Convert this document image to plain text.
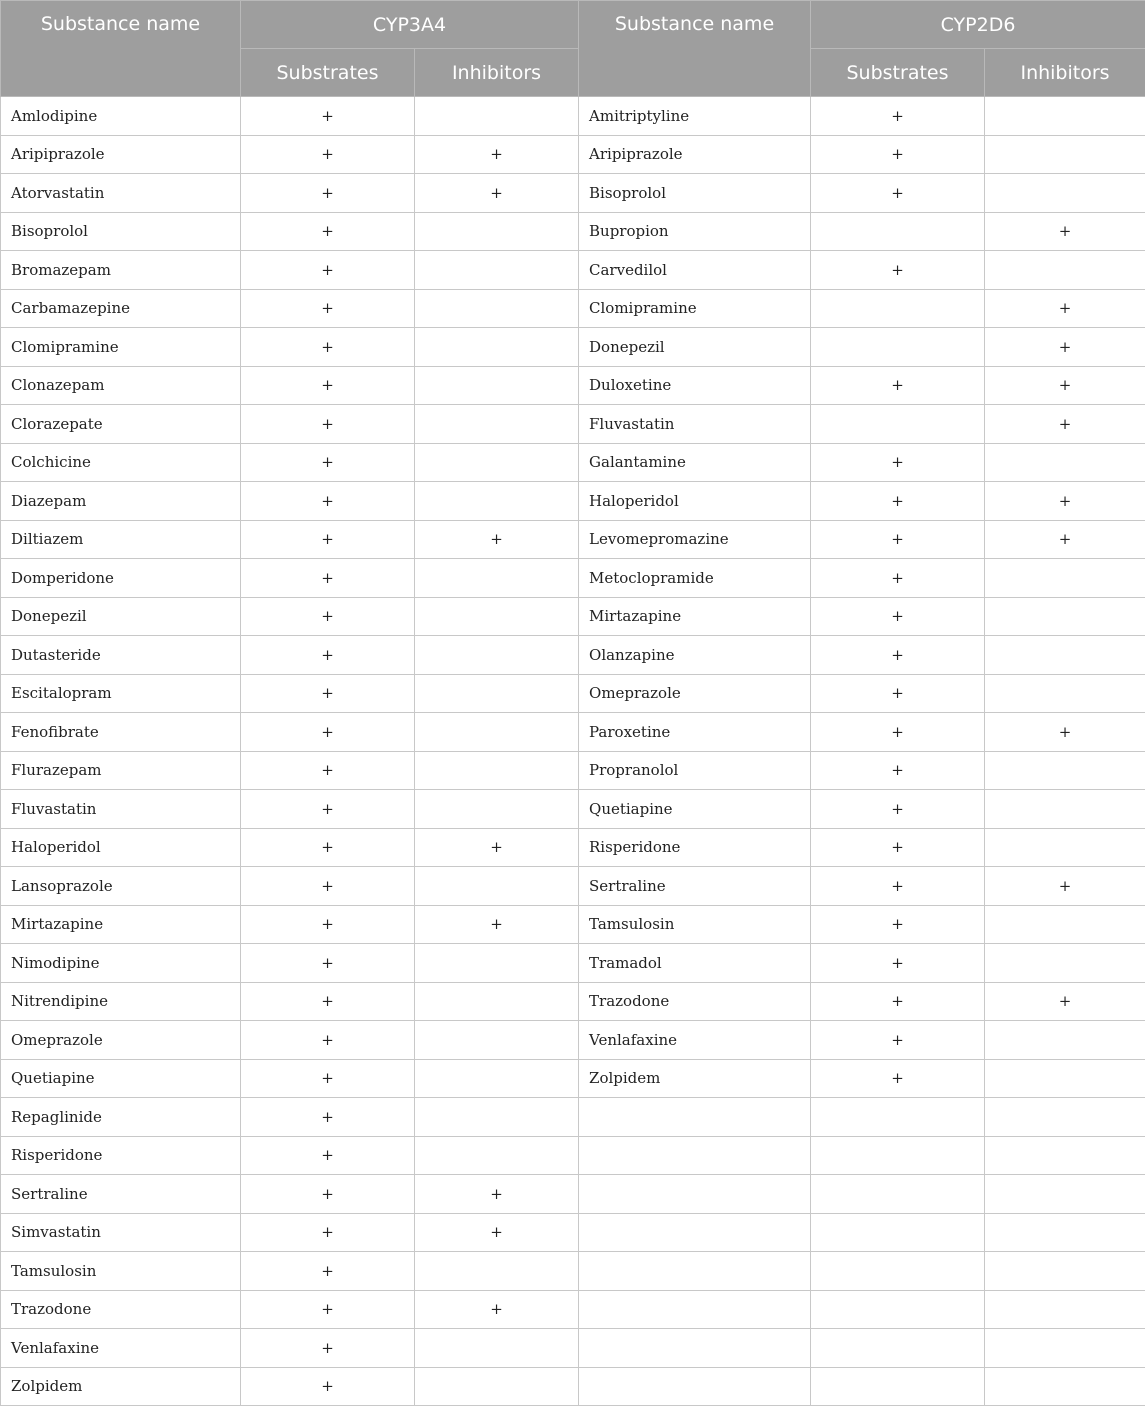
Substance name	CYP3A4		Substance name	CYP2D6	
	Substrates	Inhibitors		Substrates	Inhibitors
Amlodipine	+		Amitriptyline	+	
Aripiprazole	+	+	Aripiprazole	+	
Atorvastatin	+	+	Bisoprolol	+	
Bisoprolol	+		Bupropion		+
Bromazepam	+		Carvedilol	+	
Carbamazepine	+		Clomipramine		+
Clomipramine	+		Donepezil		+
Clonazepam	+		Duloxetine	+	+
Clorazepate	+		Fluvastatin		+
Colchicine	+		Galantamine	+	
Diazepam	+		Haloperidol	+	+
Diltiazem	+	+	Levomepromazine	+	+
Domperidone	+		Metoclopramide	+	
Donepezil	+		Mirtazapine	+	
Dutasteride	+		Olanzapine	+	
Escitalopram	+		Omeprazole	+	
Fenofibrate	+		Paroxetine	+	+
Flurazepam	+		Propranolol	+	
Fluvastatin	+		Quetiapine	+	
Haloperidol	+	+	Risperidone	+	
Lansoprazole	+		Sertraline	+	+
Mirtazapine	+	+	Tamsulosin	+	
Nimodipine	+		Tramadol	+	
Nitrendipine	+		Trazodone	+	+
Omeprazole	+		Venlafaxine	+	
Quetiapine	+		Zolpidem	+	
Repaglinide	+				
Risperidone	+				
Sertraline	+	+			
Simvastatin	+	+			
Tamsulosin	+				
Trazodone	+	+			
Venlafaxine	+				
Zolpidem	+				
